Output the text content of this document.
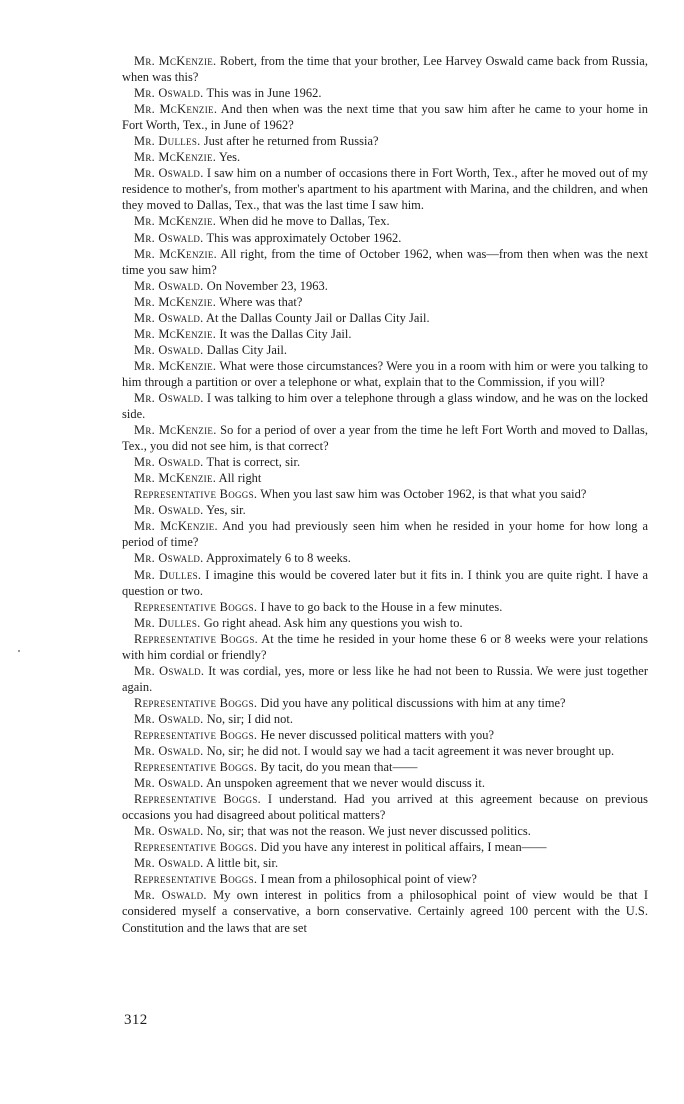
Mr. McKenzie. Robert, from the time that your brother, Lee Harvey Oswald came back from Russia, when was this?

Mr. Oswald. This was in June 1962.

Mr. McKenzie. And then when was the next time that you saw him after he came to your home in Fort Worth, Tex., in June of 1962?

Mr. Dulles. Just after he returned from Russia?

Mr. McKenzie. Yes.

Mr. Oswald. I saw him on a number of occasions there in Fort Worth, Tex., after he moved out of my residence to mother's, from mother's apartment to his apartment with Marina, and the children, and when they moved to Dallas, Tex., that was the last time I saw him.

Mr. McKenzie. When did he move to Dallas, Tex.

Mr. Oswald. This was approximately October 1962.

Mr. McKenzie. All right, from the time of October 1962, when was—from then when was the next time you saw him?

Mr. Oswald. On November 23, 1963.

Mr. McKenzie. Where was that?

Mr. Oswald. At the Dallas County Jail or Dallas City Jail.

Mr. McKenzie. It was the Dallas City Jail.

Mr. Oswald. Dallas City Jail.

Mr. McKenzie. What were those circumstances? Were you in a room with him or were you talking to him through a partition or over a telephone or what, explain that to the Commission, if you will?

Mr. Oswald. I was talking to him over a telephone through a glass window, and he was on the locked side.

Mr. McKenzie. So for a period of over a year from the time he left Fort Worth and moved to Dallas, Tex., you did not see him, is that correct?

Mr. Oswald. That is correct, sir.

Mr. McKenzie. All right

Representative Boggs. When you last saw him was October 1962, is that what you said?

Mr. Oswald. Yes, sir.

Mr. McKenzie. And you had previously seen him when he resided in your home for how long a period of time?

Mr. Oswald. Approximately 6 to 8 weeks.

Mr. Dulles. I imagine this would be covered later but it fits in. I think you are quite right. I have a question or two.

Representative Boggs. I have to go back to the House in a few minutes.

Mr. Dulles. Go right ahead. Ask him any questions you wish to.

Representative Boggs. At the time he resided in your home these 6 or 8 weeks were your relations with him cordial or friendly?

Mr. Oswald. It was cordial, yes, more or less like he had not been to Russia. We were just together again.

Representative Boggs. Did you have any political discussions with him at any time?

Mr. Oswald. No, sir; I did not.

Representative Boggs. He never discussed political matters with you?

Mr. Oswald. No, sir; he did not. I would say we had a tacit agreement it was never brought up.

Representative Boggs. By tacit, do you mean that——

Mr. Oswald. An unspoken agreement that we never would discuss it.

Representative Boggs. I understand. Had you arrived at this agreement because on previous occasions you had disagreed about political matters?

Mr. Oswald. No, sir; that was not the reason. We just never discussed politics.

Representative Boggs. Did you have any interest in political affairs, I mean——

Mr. Oswald. A little bit, sir.

Representative Boggs. I mean from a philosophical point of view?

Mr. Oswald. My own interest in politics from a philosophical point of view would be that I considered myself a conservative, a born conservative. Certainly agreed 100 percent with the U.S. Constitution and the laws that are set

312
